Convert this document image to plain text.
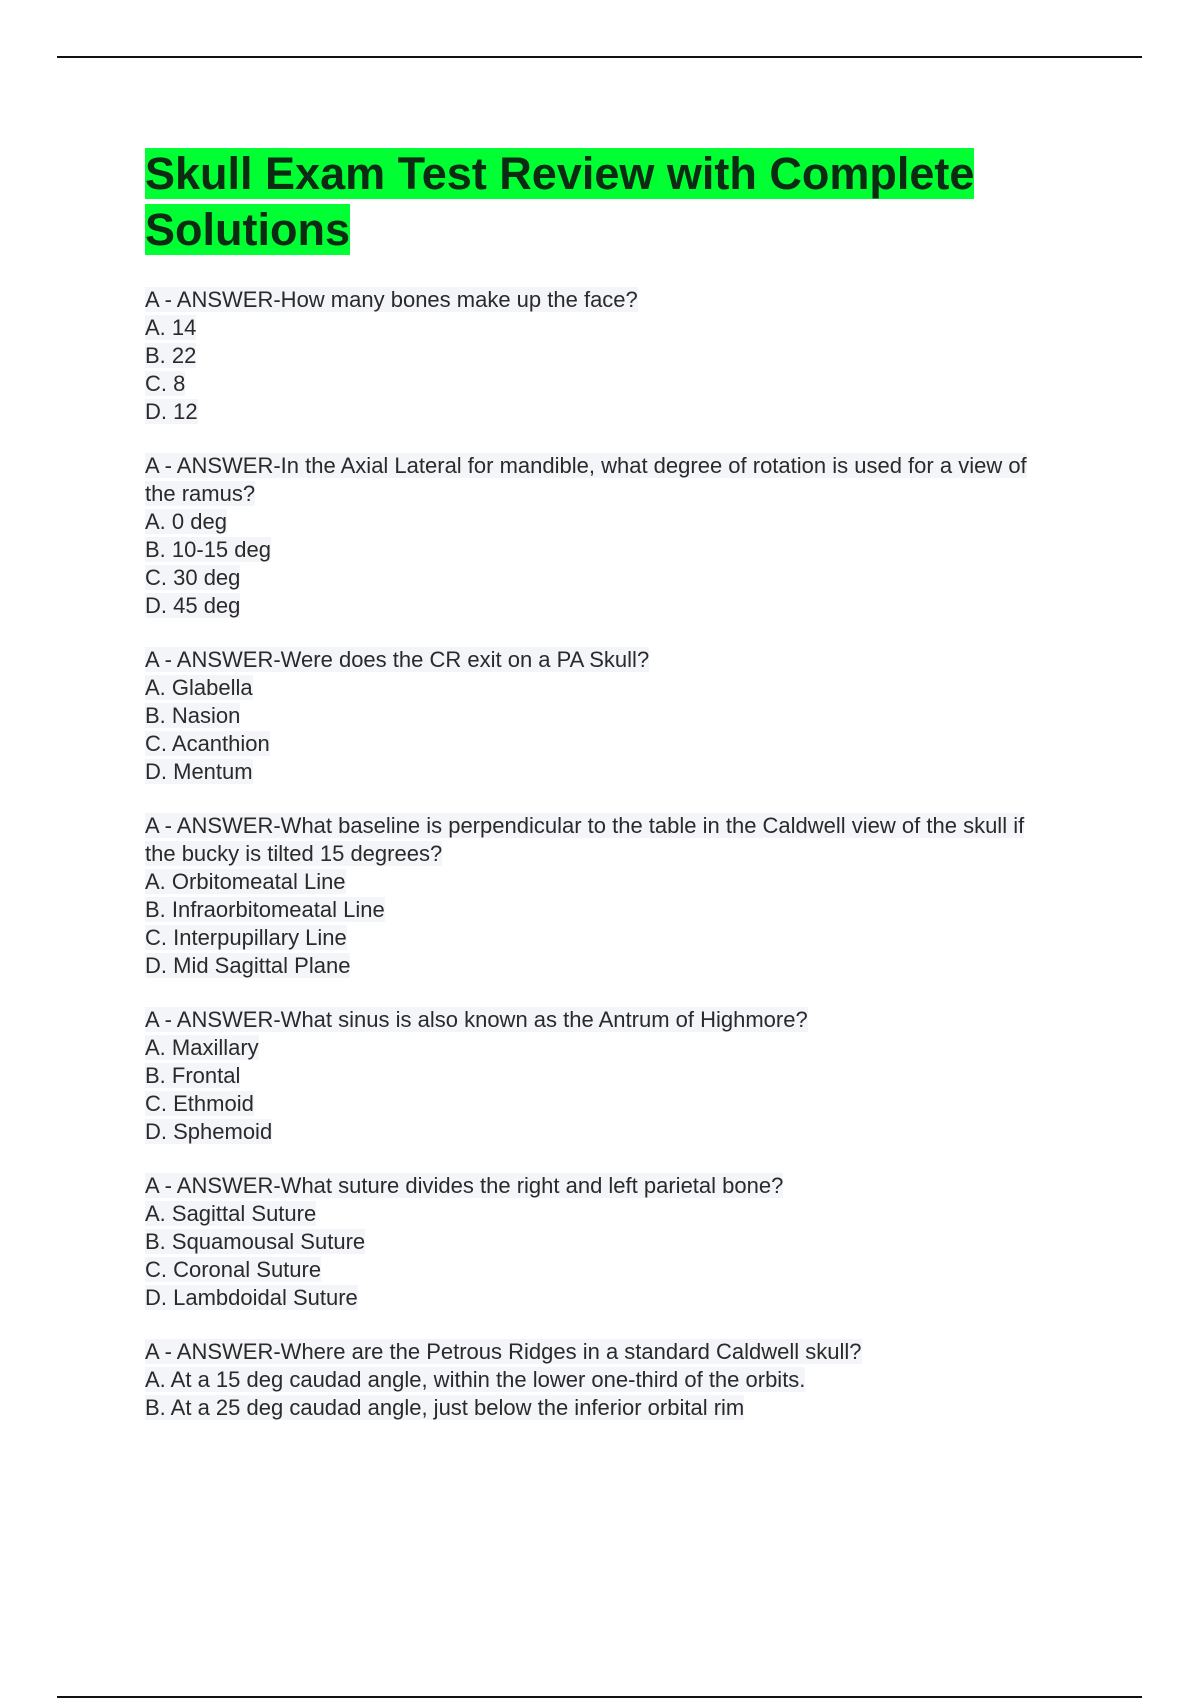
Skull Exam Test Review with Complete Solutions
A - ANSWER-How many bones make up the face?
A. 14
B. 22
C. 8
D. 12
A - ANSWER-In the Axial Lateral for mandible, what degree of rotation is used for a view of the ramus?
A. 0 deg
B. 10-15 deg
C. 30 deg
D. 45 deg
A - ANSWER-Were does the CR exit on a PA Skull?
A. Glabella
B. Nasion
C. Acanthion
D. Mentum
A - ANSWER-What baseline is perpendicular to the table in the Caldwell view of the skull if the bucky is tilted 15 degrees?
A. Orbitomeatal Line
B. Infraorbitomeatal Line
C. Interpupillary Line
D. Mid Sagittal Plane
A - ANSWER-What sinus is also known as the Antrum of Highmore?
A. Maxillary
B. Frontal
C. Ethmoid
D. Sphemoid
A - ANSWER-What suture divides the right and left parietal bone?
A. Sagittal Suture
B. Squamousal Suture
C. Coronal Suture
D. Lambdoidal Suture
A - ANSWER-Where are the Petrous Ridges in a standard Caldwell skull?
A. At a 15 deg caudad angle, within the lower one-third of the orbits.
B. At a 25 deg caudad angle, just below the inferior orbital rim
